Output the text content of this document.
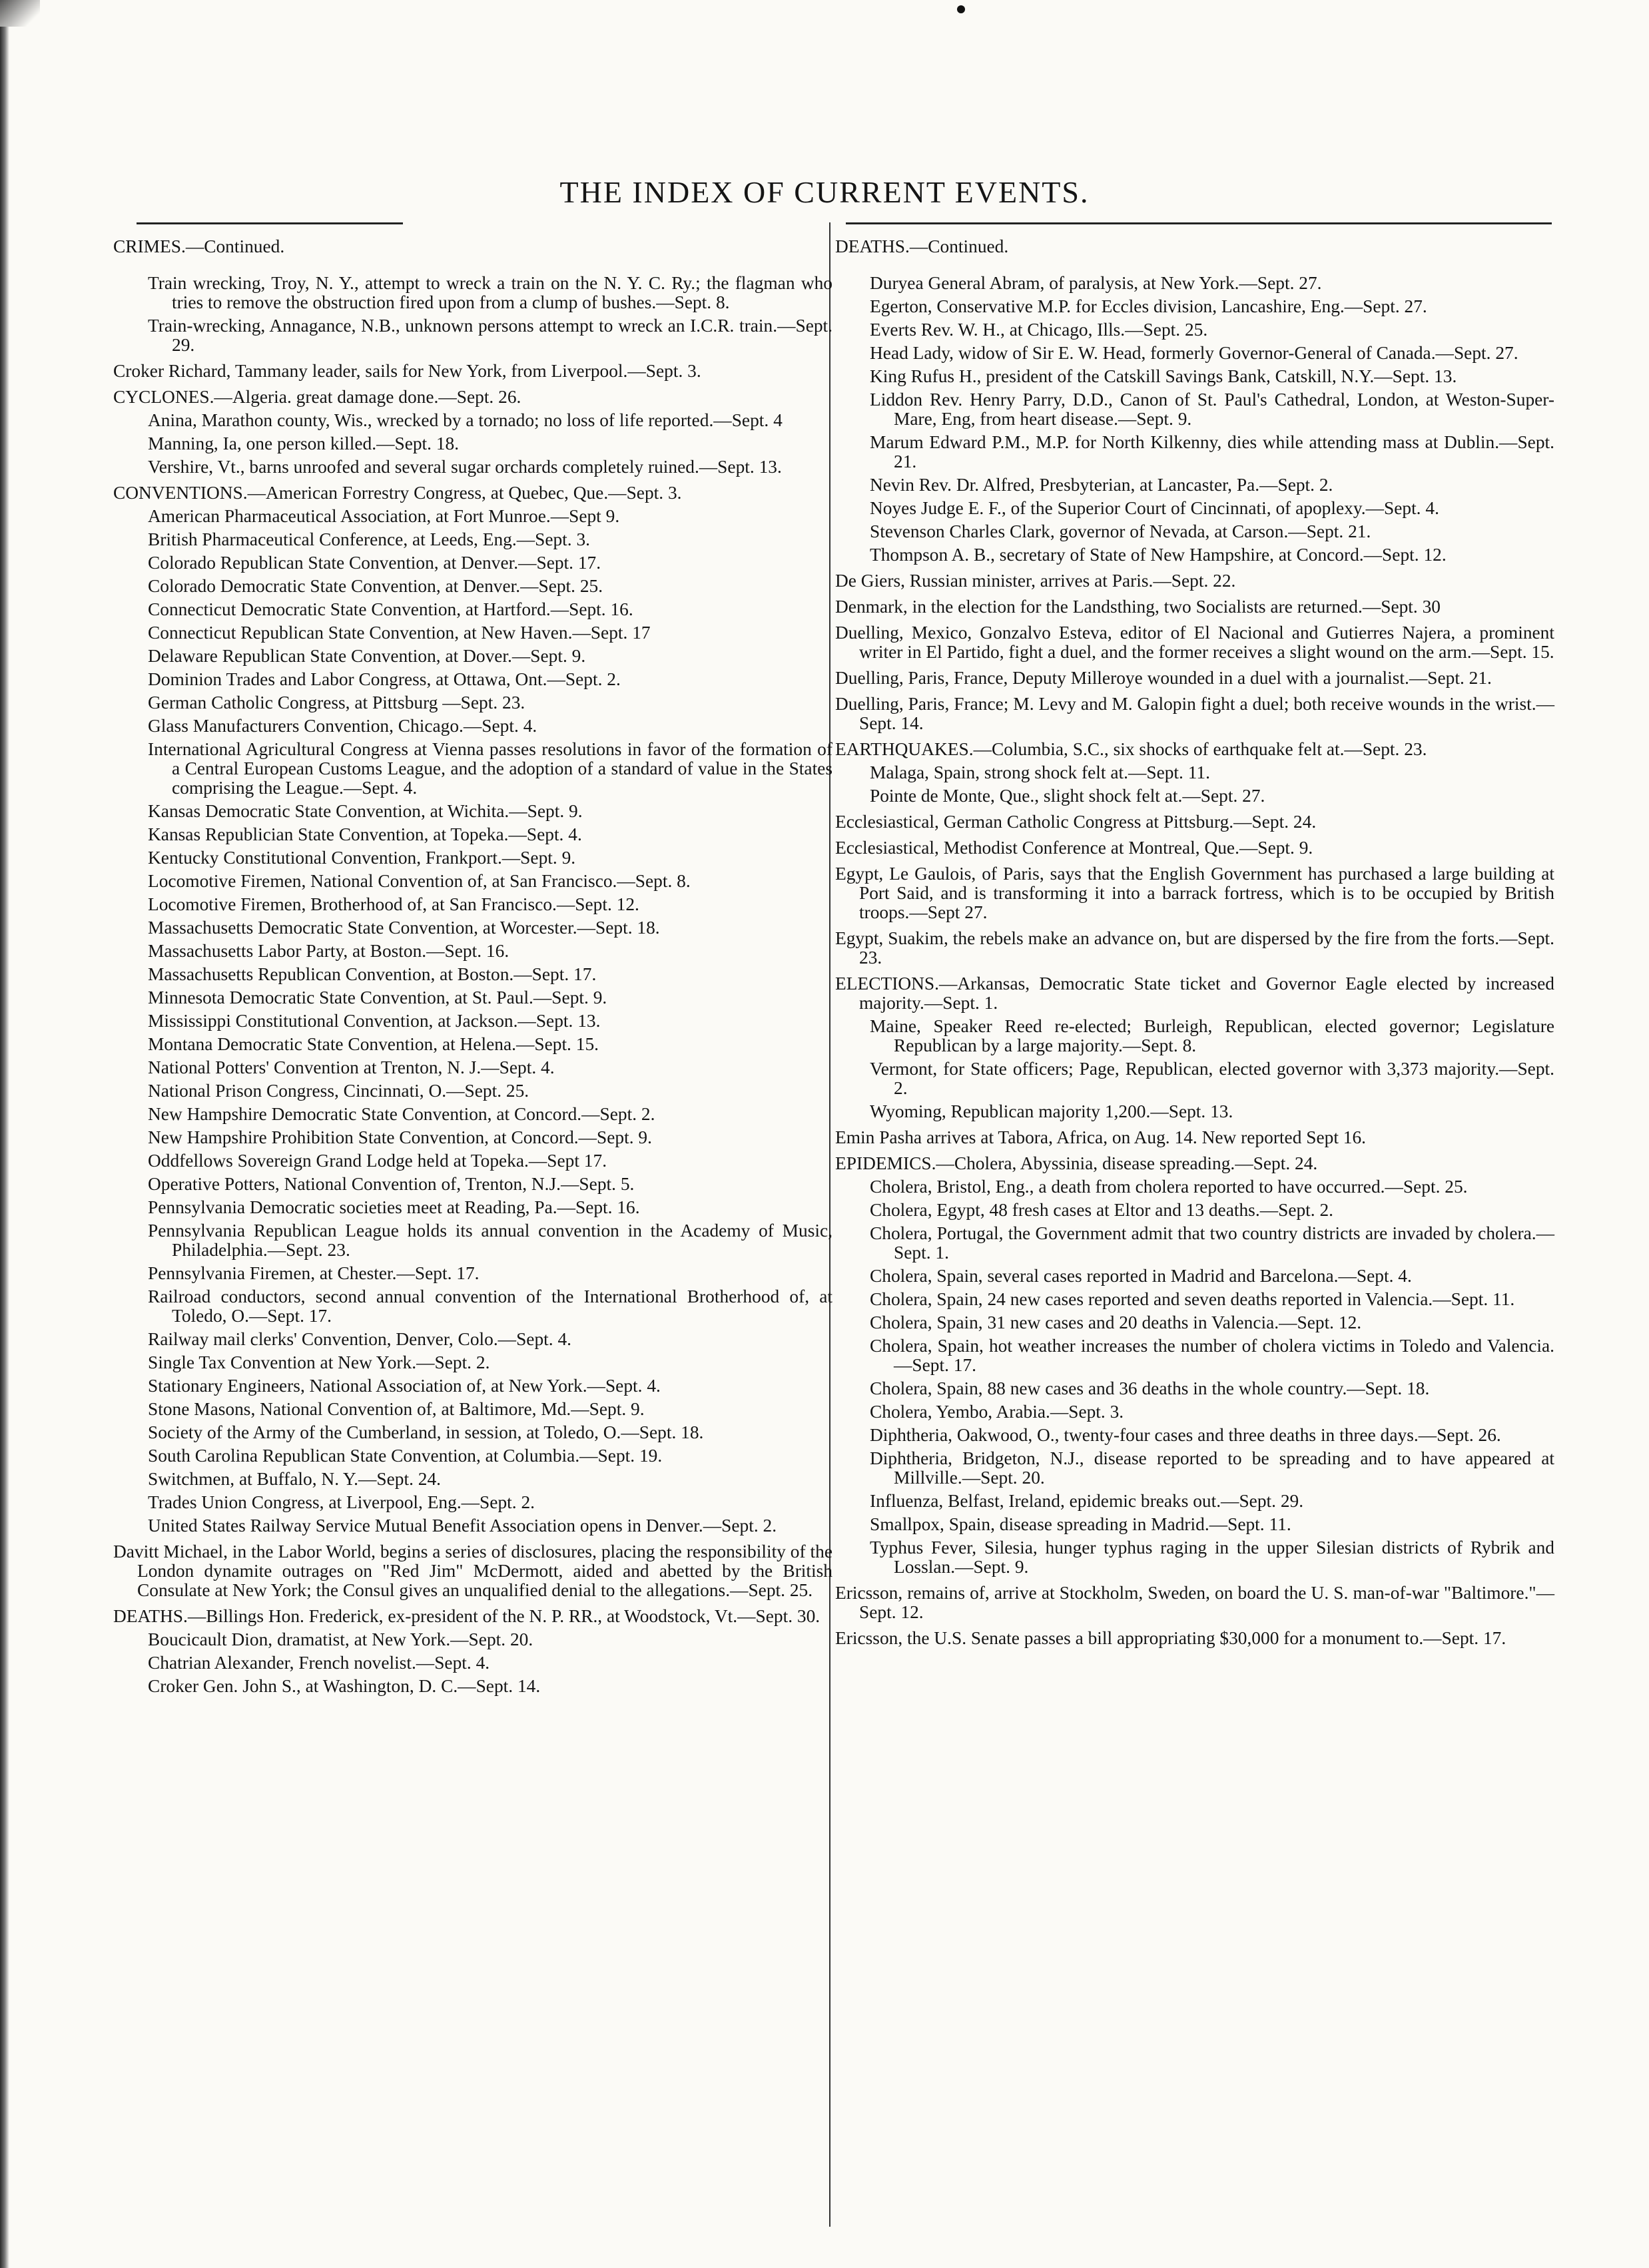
THE INDEX OF CURRENT EVENTS.
CRIMES.—Continued.
Train wrecking, Troy, N. Y., attempt to wreck a train on the N. Y. C. Ry.; the flagman who tries to remove the obstruction fired upon from a clump of bushes.—Sept. 8.
Train-wrecking, Annagance, N.B., unknown persons attempt to wreck an I.C.R. train.—Sept. 29.
Croker Richard, Tammany leader, sails for New York, from Liverpool.—Sept. 3.
CYCLONES.—Algeria. great damage done.—Sept. 26.
Anina, Marathon county, Wis., wrecked by a tornado; no loss of life reported.—Sept. 4
Manning, Ia, one person killed.—Sept. 18.
Vershire, Vt., barns unroofed and several sugar orchards completely ruined.—Sept. 13.
CONVENTIONS.—American Forrestry Congress, at Quebec, Que.—Sept. 3.
American Pharmaceutical Association, at Fort Munroe.—Sept 9.
British Pharmaceutical Conference, at Leeds, Eng.—Sept. 3.
Colorado Republican State Convention, at Denver.—Sept. 17.
Colorado Democratic State Convention, at Denver.—Sept. 25.
Connecticut Democratic State Convention, at Hartford.—Sept. 16.
Connecticut Republican State Convention, at New Haven.—Sept. 17
Delaware Republican State Convention, at Dover.—Sept. 9.
Dominion Trades and Labor Congress, at Ottawa, Ont.—Sept. 2.
German Catholic Congress, at Pittsburg —Sept. 23.
Glass Manufacturers Convention, Chicago.—Sept. 4.
International Agricultural Congress at Vienna passes resolutions in favor of the formation of a Central European Customs League, and the adoption of a standard of value in the States comprising the League.—Sept. 4.
Kansas Democratic State Convention, at Wichita.—Sept. 9.
Kansas Republician State Convention, at Topeka.—Sept. 4.
Kentucky Constitutional Convention, Frankport.—Sept. 9.
Locomotive Firemen, National Convention of, at San Francisco.—Sept. 8.
Locomotive Firemen, Brotherhood of, at San Francisco.—Sept. 12.
Massachusetts Democratic State Convention, at Worcester.—Sept. 18.
Massachusetts Labor Party, at Boston.—Sept. 16.
Massachusetts Republican Convention, at Boston.—Sept. 17.
Minnesota Democratic State Convention, at St. Paul.—Sept. 9.
Mississippi Constitutional Convention, at Jackson.—Sept. 13.
Montana Democratic State Convention, at Helena.—Sept. 15.
National Potters' Convention at Trenton, N. J.—Sept. 4.
National Prison Congress, Cincinnati, O.—Sept. 25.
New Hampshire Democratic State Convention, at Concord.—Sept. 2.
New Hampshire Prohibition State Convention, at Concord.—Sept. 9.
Oddfellows Sovereign Grand Lodge held at Topeka.—Sept 17.
Operative Potters, National Convention of, Trenton, N.J.—Sept. 5.
Pennsylvania Democratic societies meet at Reading, Pa.—Sept. 16.
Pennsylvania Republican League holds its annual convention in the Academy of Music, Philadelphia.—Sept. 23.
Pennsylvania Firemen, at Chester.—Sept. 17.
Railroad conductors, second annual convention of the International Brotherhood of, at Toledo, O.—Sept. 17.
Railway mail clerks' Convention, Denver, Colo.—Sept. 4.
Single Tax Convention at New York.—Sept. 2.
Stationary Engineers, National Association of, at New York.—Sept. 4.
Stone Masons, National Convention of, at Baltimore, Md.—Sept. 9.
Society of the Army of the Cumberland, in session, at Toledo, O.—Sept. 18.
South Carolina Republican State Convention, at Columbia.—Sept. 19.
Switchmen, at Buffalo, N. Y.—Sept. 24.
Trades Union Congress, at Liverpool, Eng.—Sept. 2.
United States Railway Service Mutual Benefit Association opens in Denver.—Sept. 2.
Davitt Michael, in the Labor World, begins a series of disclosures, placing the responsibility of the London dynamite outrages on "Red Jim" McDermott, aided and abetted by the British Consulate at New York; the Consul gives an unqualified denial to the allegations.—Sept. 25.
DEATHS.—Billings Hon. Frederick, ex-president of the N. P. RR., at Woodstock, Vt.—Sept. 30.
Boucicault Dion, dramatist, at New York.—Sept. 20.
Chatrian Alexander, French novelist.—Sept. 4.
Croker Gen. John S., at Washington, D. C.—Sept. 14.
DEATHS.—Continued.
Duryea General Abram, of paralysis, at New York.—Sept. 27.
Egerton, Conservative M.P. for Eccles division, Lancashire, Eng.—Sept. 27.
Everts Rev. W. H., at Chicago, Ills.—Sept. 25.
Head Lady, widow of Sir E. W. Head, formerly Governor-General of Canada.—Sept. 27.
King Rufus H., president of the Catskill Savings Bank, Catskill, N.Y.—Sept. 13.
Liddon Rev. Henry Parry, D.D., Canon of St. Paul's Cathedral, London, at Weston-Super-Mare, Eng, from heart disease.—Sept. 9.
Marum Edward P.M., M.P. for North Kilkenny, dies while attending mass at Dublin.—Sept. 21.
Nevin Rev. Dr. Alfred, Presbyterian, at Lancaster, Pa.—Sept. 2.
Noyes Judge E. F., of the Superior Court of Cincinnati, of apoplexy.—Sept. 4.
Stevenson Charles Clark, governor of Nevada, at Carson.—Sept. 21.
Thompson A. B., secretary of State of New Hampshire, at Concord.—Sept. 12.
De Giers, Russian minister, arrives at Paris.—Sept. 22.
Denmark, in the election for the Landsthing, two Socialists are returned.—Sept. 30
Duelling, Mexico, Gonzalvo Esteva, editor of El Nacional and Gutierres Najera, a prominent writer in El Partido, fight a duel, and the former receives a slight wound on the arm.—Sept. 15.
Duelling, Paris, France, Deputy Milleroye wounded in a duel with a journalist.—Sept. 21.
Duelling, Paris, France; M. Levy and M. Galopin fight a duel; both receive wounds in the wrist.—Sept. 14.
EARTHQUAKES.—Columbia, S.C., six shocks of earthquake felt at.—Sept. 23.
Malaga, Spain, strong shock felt at.—Sept. 11.
Pointe de Monte, Que., slight shock felt at.—Sept. 27.
Ecclesiastical, German Catholic Congress at Pittsburg.—Sept. 24.
Ecclesiastical, Methodist Conference at Montreal, Que.—Sept. 9.
Egypt, Le Gaulois, of Paris, says that the English Government has purchased a large building at Port Said, and is transforming it into a barrack fortress, which is to be occupied by British troops.—Sept 27.
Egypt, Suakim, the rebels make an advance on, but are dispersed by the fire from the forts.—Sept. 23.
ELECTIONS.—Arkansas, Democratic State ticket and Governor Eagle elected by increased majority.—Sept. 1.
Maine, Speaker Reed re-elected; Burleigh, Republican, elected governor; Legislature Republican by a large majority.—Sept. 8.
Vermont, for State officers; Page, Republican, elected governor with 3,373 majority.—Sept. 2.
Wyoming, Republican majority 1,200.—Sept. 13.
Emin Pasha arrives at Tabora, Africa, on Aug. 14. New reported Sept 16.
EPIDEMICS.—Cholera, Abyssinia, disease spreading.—Sept. 24.
Cholera, Bristol, Eng., a death from cholera reported to have occurred.—Sept. 25.
Cholera, Egypt, 48 fresh cases at Eltor and 13 deaths.—Sept. 2.
Cholera, Portugal, the Government admit that two country districts are invaded by cholera.—Sept. 1.
Cholera, Spain, several cases reported in Madrid and Barcelona.—Sept. 4.
Cholera, Spain, 24 new cases reported and seven deaths reported in Valencia.—Sept. 11.
Cholera, Spain, 31 new cases and 20 deaths in Valencia.—Sept. 12.
Cholera, Spain, hot weather increases the number of cholera victims in Toledo and Valencia.—Sept. 17.
Cholera, Spain, 88 new cases and 36 deaths in the whole country.—Sept. 18.
Cholera, Yembo, Arabia.—Sept. 3.
Diphtheria, Oakwood, O., twenty-four cases and three deaths in three days.—Sept. 26.
Diphtheria, Bridgeton, N.J., disease reported to be spreading and to have appeared at Millville.—Sept. 20.
Influenza, Belfast, Ireland, epidemic breaks out.—Sept. 29.
Smallpox, Spain, disease spreading in Madrid.—Sept. 11.
Typhus Fever, Silesia, hunger typhus raging in the upper Silesian districts of Rybrik and Losslan.—Sept. 9.
Ericsson, remains of, arrive at Stockholm, Sweden, on board the U. S. man-of-war "Baltimore."—Sept. 12.
Ericsson, the U.S. Senate passes a bill appropriating $30,000 for a monument to.—Sept. 17.
